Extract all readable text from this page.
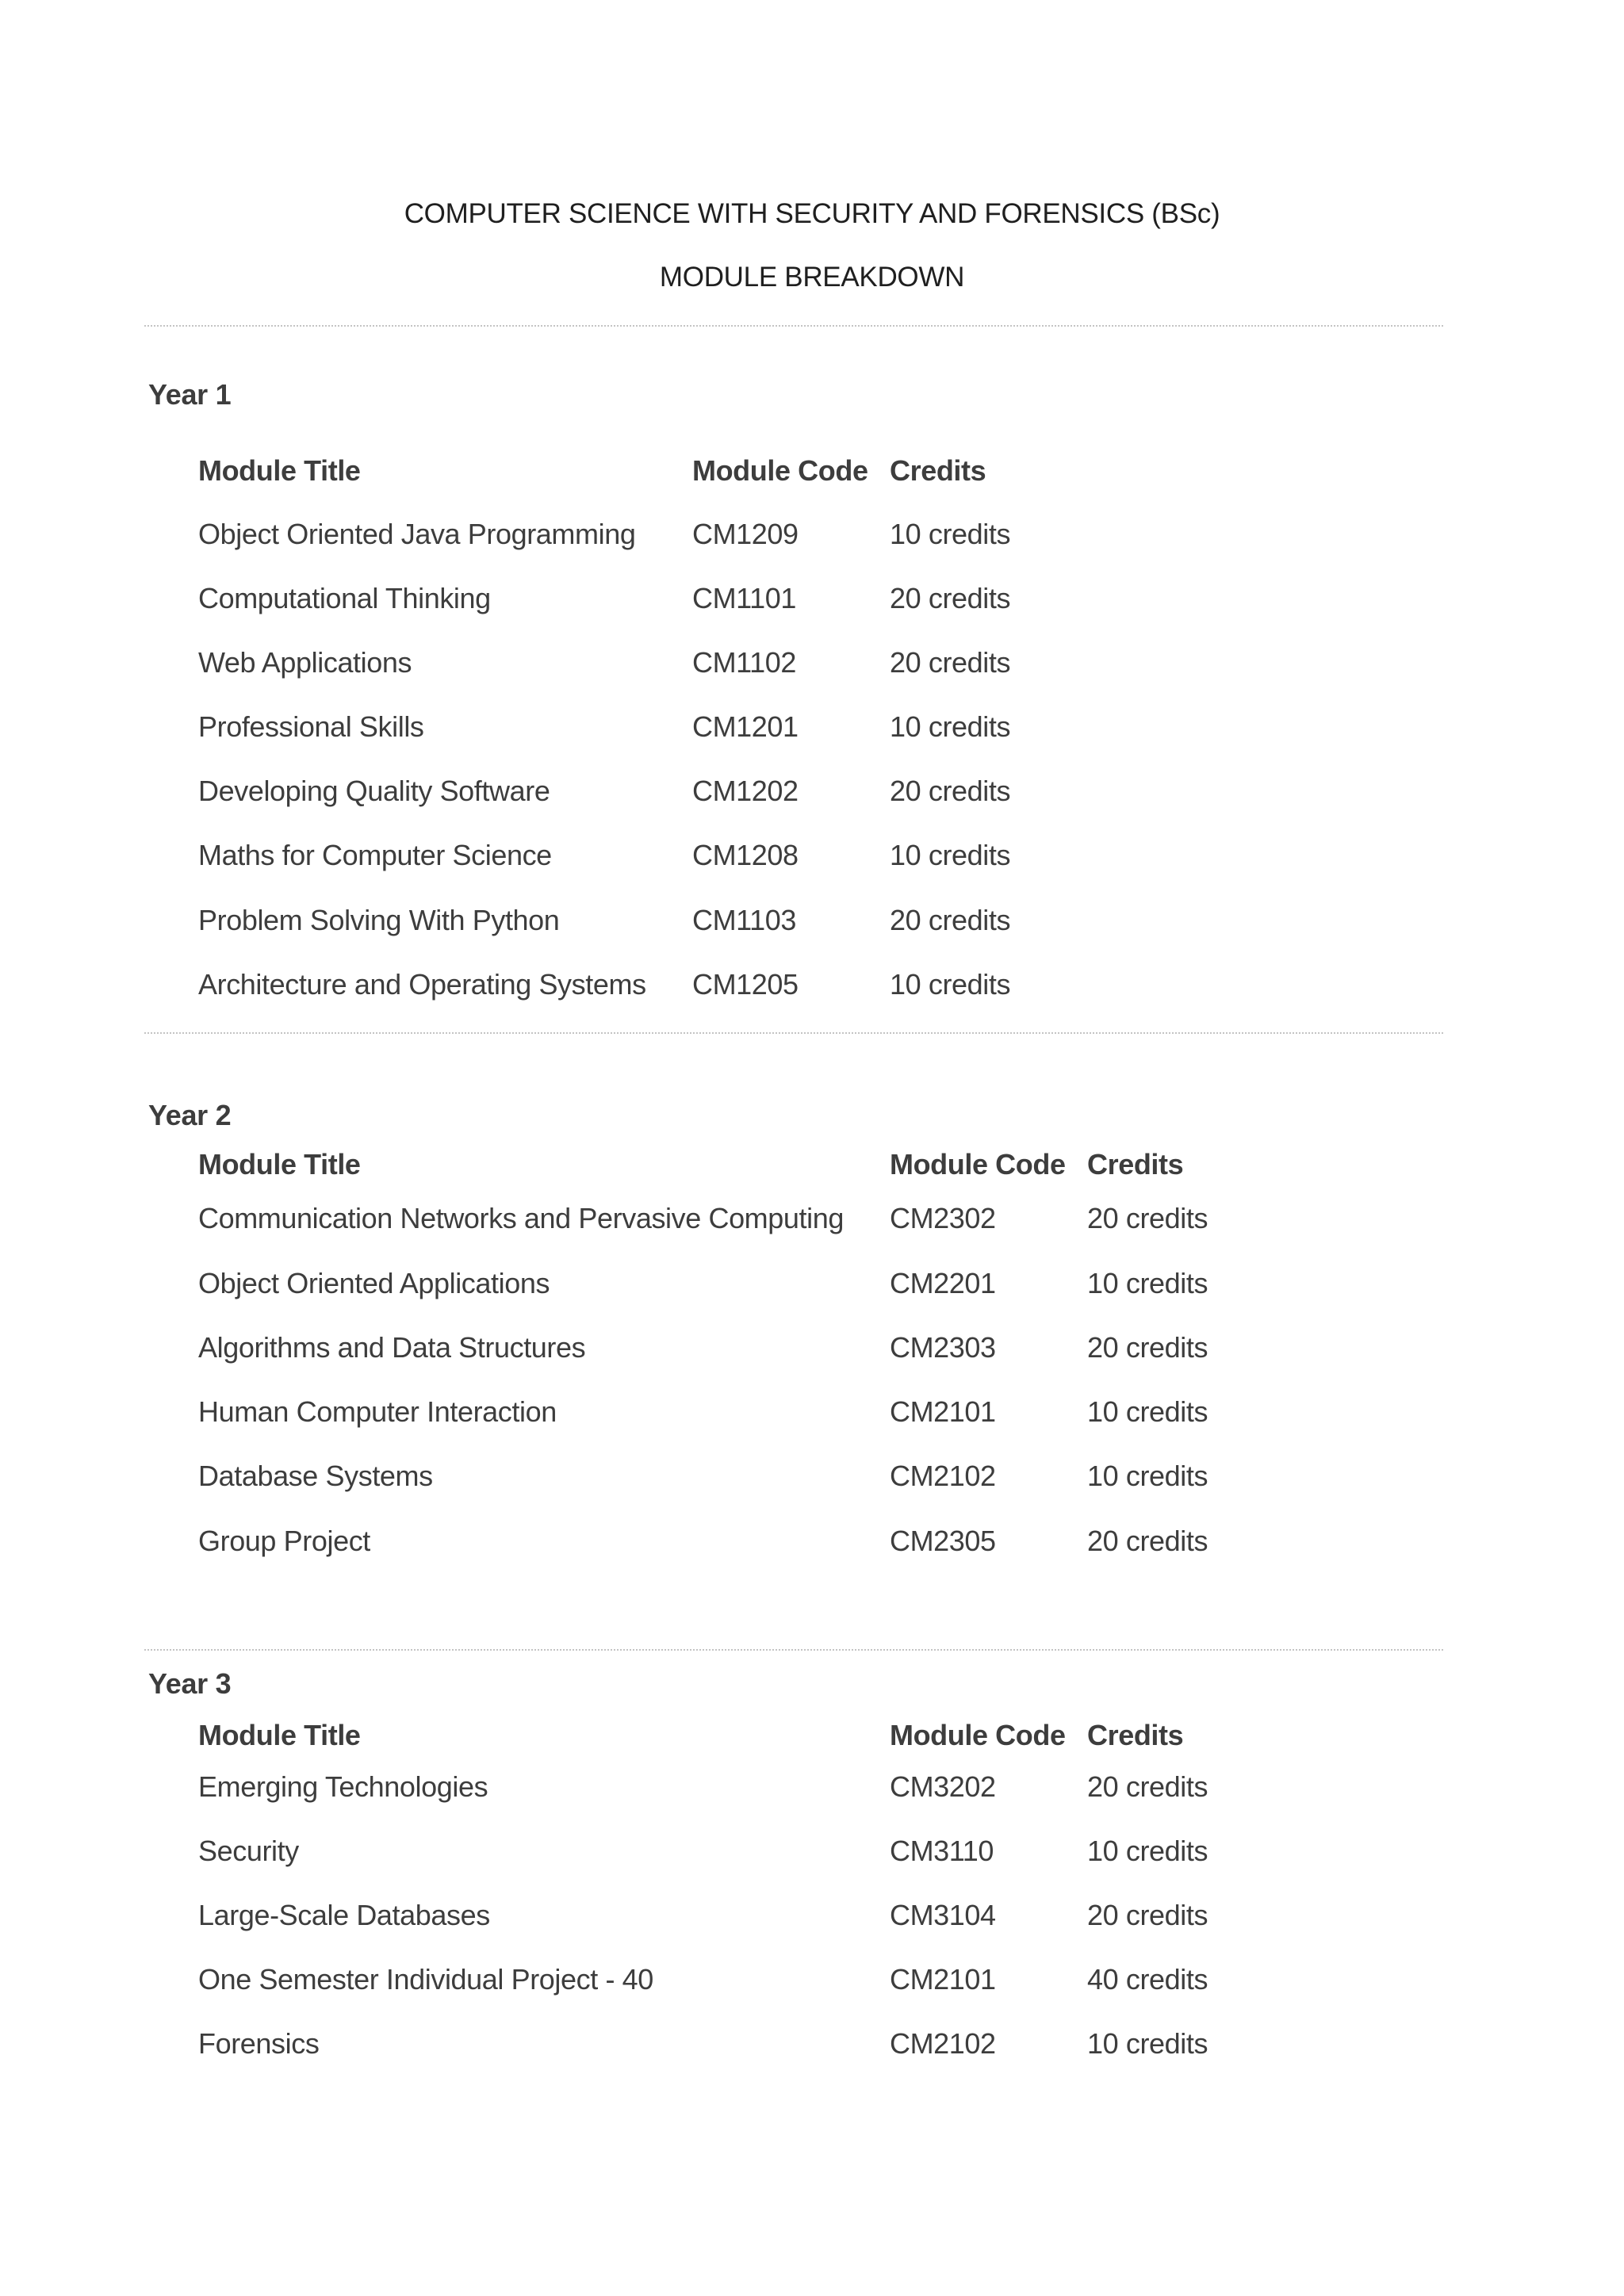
COMPUTER SCIENCE WITH SECURITY AND FORENSICS (BSc)
MODULE BREAKDOWN
Year 1
Module Title	Module Code Credits
Object Oriented Java Programming CM1209	10 credits
Computational Thinking	CM1101	20 credits
Web Applications	CM1102	20 credits
Professional Skills	CM1201	10 credits
Developing Quality Software	CM1202	20 credits
Maths for Computer Science	CM1208	10 credits
Problem Solving With Python	CM1103	20 credits
Architecture and Operating Systems CM1205	10 credits
Year 2
Module Title	Module Code Credits
Communication Networks and Pervasive Computing CM2302	20 credits
Object Oriented Applications	CM2201	10 credits
Algorithms and Data Structures	CM2303	20 credits
Human Computer Interaction	CM2101	10 credits
Database Systems	CM2102	10 credits
Group Project	CM2305	20 credits
Year 3
Module Title	Module Code Credits
Emerging Technologies	CM3202	20 credits
Security	CM3110	10 credits
Large-Scale Databases	CM3104	20 credits
One Semester Individual Project - 40	CM2101	40 credits
Forensics	CM2102	10 credits
